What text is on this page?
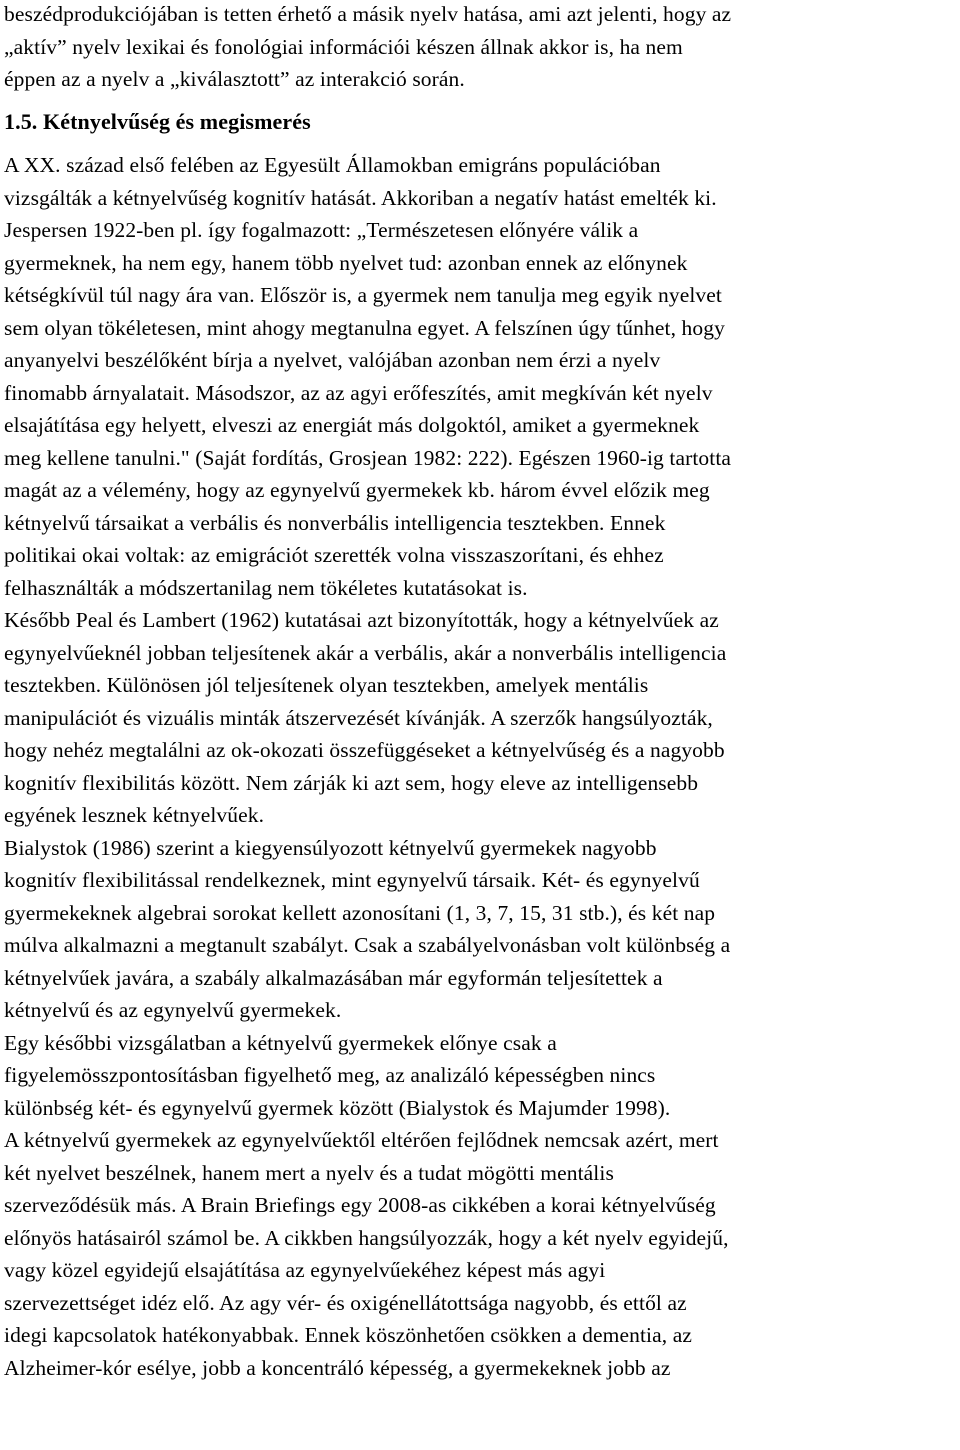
beszédprodukciójában is tetten érhető a másik nyelv hatása, ami azt jelenti, hogy az
„aktív” nyelv lexikai és fonológiai információi készen állnak akkor is, ha nem
éppen az a nyelv a „kiválasztott” az interakció során.
1.5. Kétnyelvűség és megismerés
A XX. század első felében az Egyesült Államokban emigráns populációban
vizsgálták a kétnyelvűség kognitív hatását. Akkoriban a negatív hatást emelték ki.
Jespersen 1922-ben pl. így fogalmazott: „Természetesen előnyére válik a
gyermeknek, ha nem egy, hanem több nyelvet tud: azonban ennek az előnynek
kétségkívül túl nagy ára van. Először is, a gyermek nem tanulja meg egyik nyelvet
sem olyan tökéletesen, mint ahogy megtanulna egyet. A felszínen úgy tűnhet, hogy
anyanyelvi beszélőként bírja a nyelvet, valójában azonban nem érzi a nyelv
finomabb árnyalatait. Másodszor, az az agyi erőfeszítés, amit megkíván két nyelv
elsajátítása egy helyett, elveszi az energiát más dolgoktól, amiket a gyermeknek
meg kellene tanulni." (Saját fordítás, Grosjean 1982: 222). Egészen 1960-ig tartotta
magát az a vélemény, hogy az egynyelvű gyermekek kb. három évvel előzik meg
kétnyelvű társaikat a verbális és nonverbális intelligencia tesztekben. Ennek
politikai okai voltak: az emigrációt szerették volna visszaszorítani, és ehhez
felhasználták a módszertanilag nem tökéletes kutatásokat is.
Később Peal és Lambert (1962) kutatásai azt bizonyították, hogy a kétnyelvűek az
egynyelvűeknél jobban teljesítenek akár a verbális, akár a nonverbális intelligencia
tesztekben. Különösen jól teljesítenek olyan tesztekben, amelyek mentális
manipulációt és vizuális minták átszervezését kívánják. A szerzők hangsúlyozták,
hogy nehéz megtalálni az ok-okozati összefüggéseket a kétnyelvűség és a nagyobb
kognitív flexibilitás között. Nem zárják ki azt sem, hogy eleve az intelligensebb
egyének lesznek kétnyelvűek.
Bialystok (1986) szerint a kiegyensúlyozott kétnyelvű gyermekek nagyobb
kognitív flexibilitással rendelkeznek, mint egynyelvű társaik. Két- és egynyelvű
gyermekeknek algebrai sorokat kellett azonosítani (1, 3, 7, 15, 31 stb.), és két nap
múlva alkalmazni a megtanult szabályt. Csak a szabályelvonásban volt különbség a
kétnyelvűek javára, a szabály alkalmazásában már egyformán teljesítettek a
kétnyelvű és az egynyelvű gyermekek.
Egy későbbi vizsgálatban a kétnyelvű gyermekek előnye csak a
figyelemösszpontosításban figyelhető meg, az analizáló képességben nincs
különbség két- és egynyelvű gyermek között (Bialystok és Majumder 1998).
A kétnyelvű gyermekek az egynyelvűektől eltérően fejlődnek nemcsak azért, mert
két nyelvet beszélnek, hanem mert a nyelv és a tudat mögötti mentális
szerveződésük más. A Brain Briefings egy 2008-as cikkében a korai kétnyelvűség
előnyös hatásairól számol be. A cikkben hangsúlyozzák, hogy a két nyelv egyidejű,
vagy közel egyidejű elsajátítása az egynyelvűekéhez képest más agyi
szervezettséget idéz elő. Az agy vér- és oxigénellátottsága nagyobb, és ettől az
idegi kapcsolatok hatékonyabbak. Ennek köszönhetően csökken a dementia, az
Alzheimer-kór esélye, jobb a koncentráló képesség, a gyermekeknek jobb az
